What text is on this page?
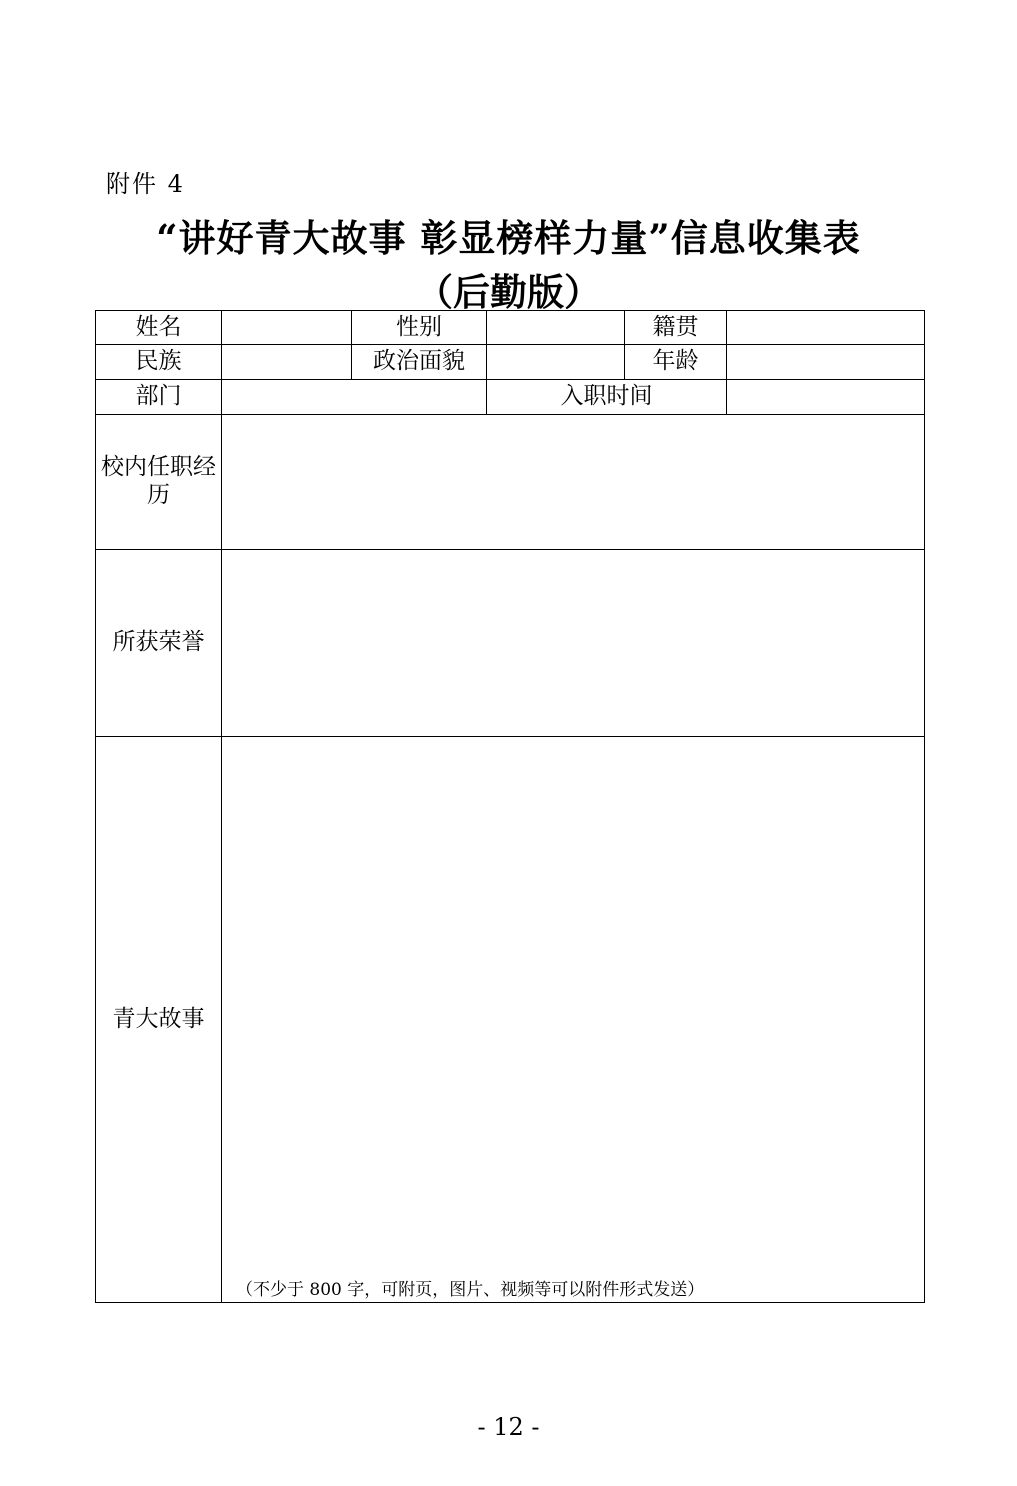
附件 4
“讲好青大故事 彰显榜样力量”信息收集表
（后勤版）
姓名		性别		籍贯	
民族		政治面貌		年龄	
部门			入职时间		
校内任职经历					
所获荣誉					
青大故事	（不少于 800 字，可附页，图片、视频等可以附件形式发送）				
- 12 -
